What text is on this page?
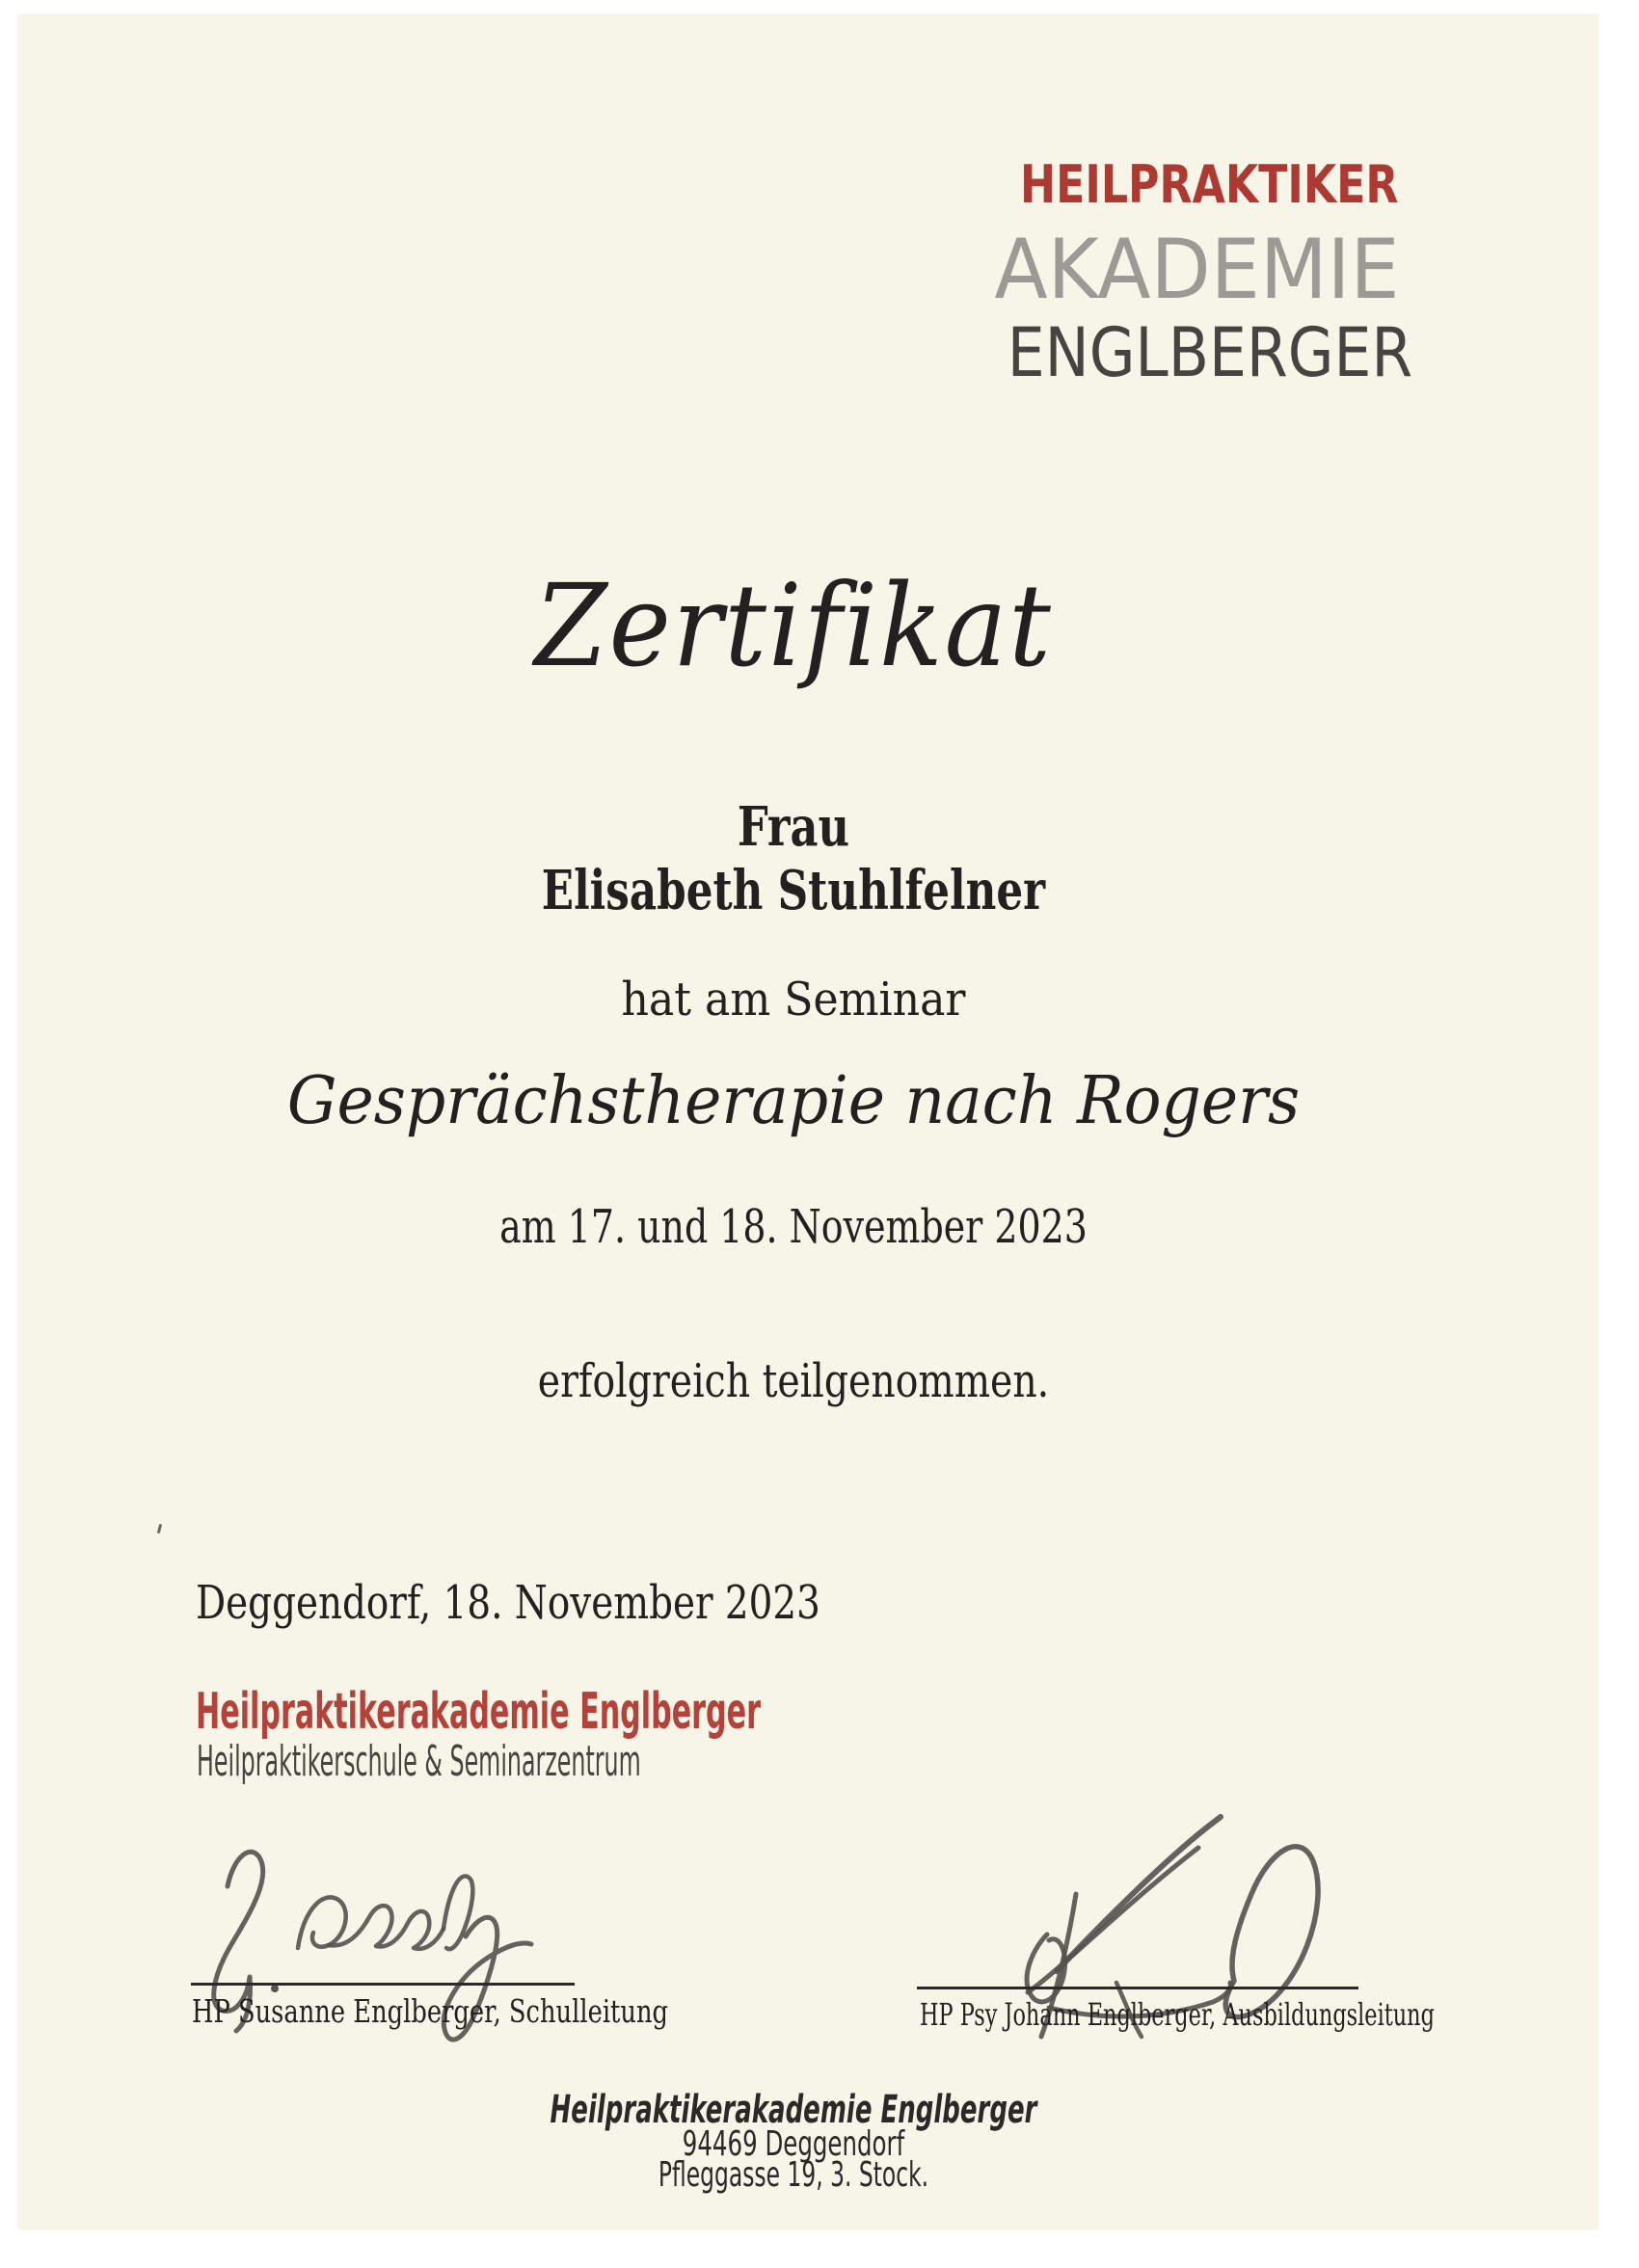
HEILPRAKTIKER
AKADEMIE
ENGLBERGER
Zertifikat
Frau
Elisabeth Stuhlfelner
hat am Seminar
Gesprächstherapie nach Rogers
am 17. und 18. November 2023
erfolgreich teilgenommen.
Deggendorf, 18. November 2023
Heilpraktikerakademie Englberger
Heilpraktikerschule & Seminarzentrum
HP Susanne Englberger, Schulleitung	HP Psy Johann Englberger, Ausbildungsleitung
Heilpraktikerakademie Englberger
94469 Deggendorf
Pfleggasse 19, 3. Stock.
